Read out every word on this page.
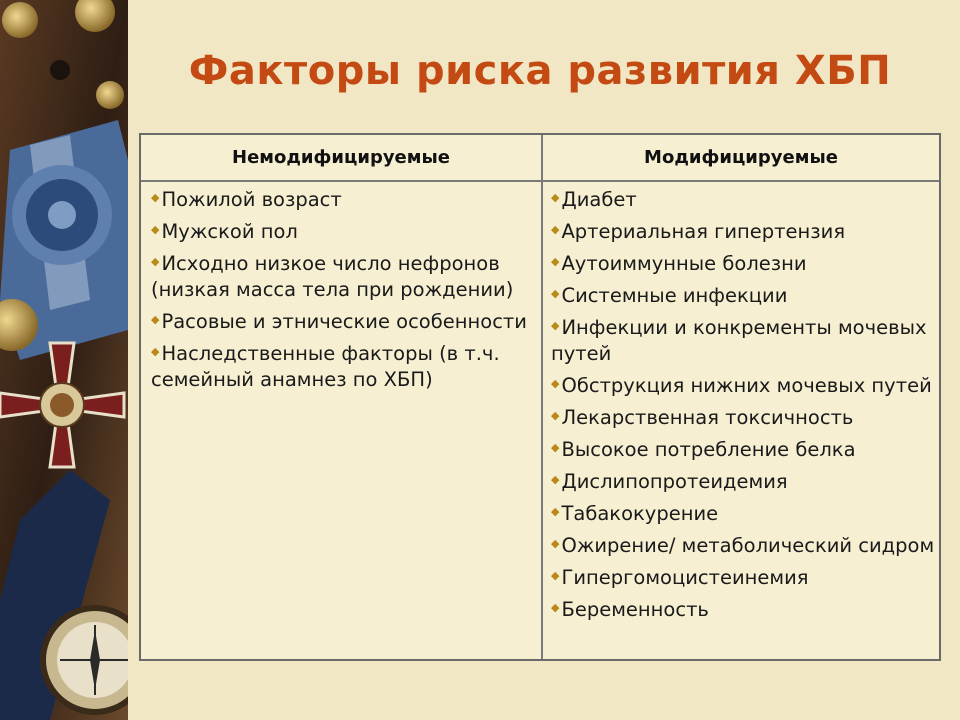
Факторы риска развития ХБП
Немодифицируемые	Модифицируемые
◆ Пожилой возраст
◆ Мужской пол
◆ Исходно низкое число нефронов (низкая масса тела при рождении)
◆ Расовые и этнические особенности
◆ Наследственные факторы (в т.ч. семейный анамнез по ХБП)
◆ Диабет
◆ Артериальная гипертензия
◆ Аутоиммунные болезни
◆ Системные инфекции
◆ Инфекции и конкременты мочевых путей
◆ Обструкция нижних мочевых путей
◆ Лекарственная токсичность
◆ Высокое потребление белка
◆ Дислипопротеидемия
◆ Табакокурение
◆ Ожирение/ метаболический сидром
◆ Гипергомоцистеинемия
◆ Беременность
